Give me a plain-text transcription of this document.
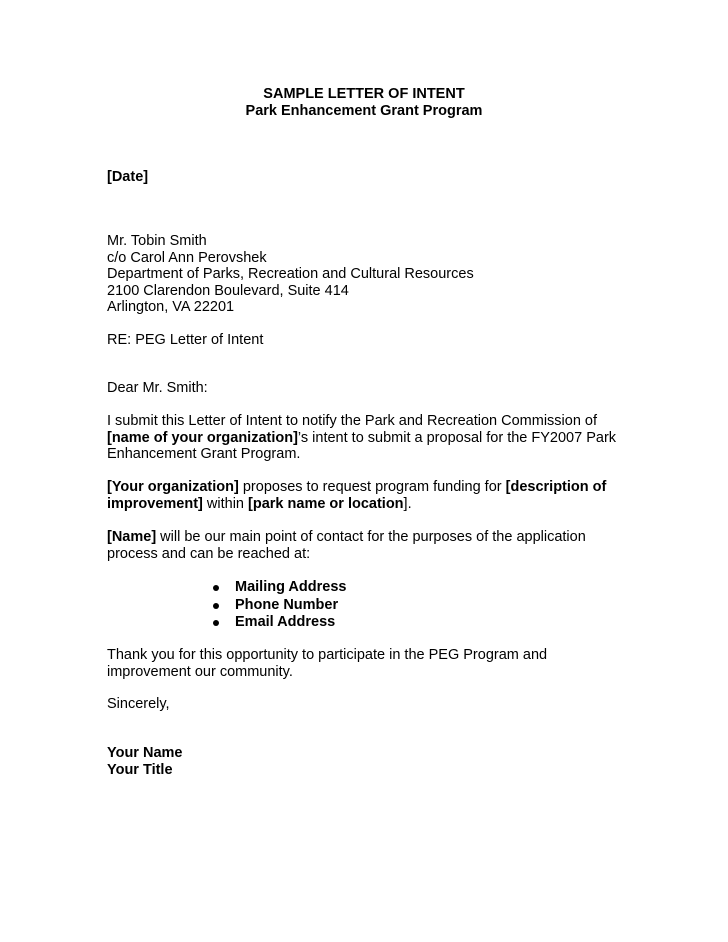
SAMPLE LETTER OF INTENT
Park Enhancement Grant Program
[Date]
Mr. Tobin Smith
c/o Carol Ann Perovshek
Department of Parks, Recreation and Cultural Resources
2100 Clarendon Boulevard, Suite 414
Arlington, VA 22201
RE: PEG Letter of Intent
Dear Mr. Smith:
I submit this Letter of Intent to notify the Park and Recreation Commission of
[name of your organization]’s intent to submit a proposal for the FY2007 Park
Enhancement Grant Program.
[Your organization] proposes to request program funding for [description of
improvement] within [park name or location].
[Name] will be our main point of contact for the purposes of the application
process and can be reached at:
Mailing Address
Phone Number
Email Address
Thank you for this opportunity to participate in the PEG Program and
improvement our community.
Sincerely,
Your Name
Your Title
